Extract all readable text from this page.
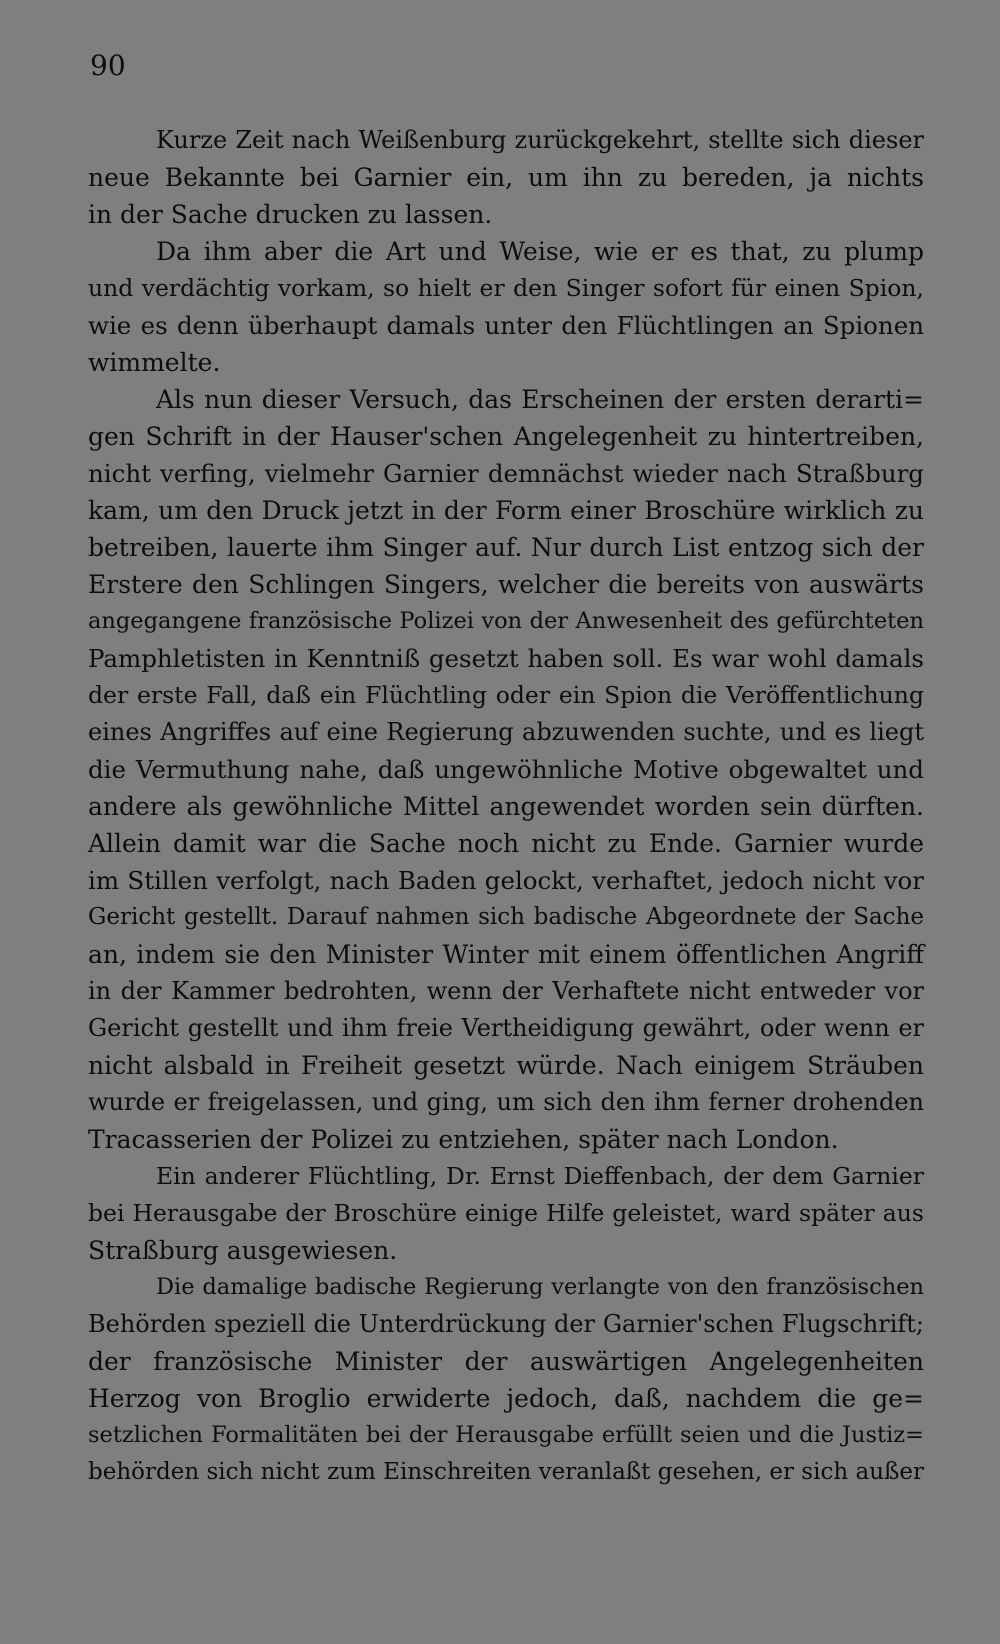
90
Kurze Zeit nach Weißenburg zurückgekehrt, stellte sich dieser
neue Bekannte bei Garnier ein, um ihn zu bereden, ja nichts
in der Sache drucken zu lassen.
Da ihm aber die Art und Weise, wie er es that, zu plump
und verdächtig vorkam, so hielt er den Singer sofort für einen Spion,
wie es denn überhaupt damals unter den Flüchtlingen an Spionen
wimmelte.
Als nun dieser Versuch, das Erscheinen der ersten derarti=
gen Schrift in der Hauser'schen Angelegenheit zu hintertreiben,
nicht verfing, vielmehr Garnier demnächst wieder nach Straßburg
kam, um den Druck jetzt in der Form einer Broschüre wirklich zu
betreiben, lauerte ihm Singer auf. Nur durch List entzog sich der
Erstere den Schlingen Singers, welcher die bereits von auswärts
angegangene französische Polizei von der Anwesenheit des gefürchteten
Pamphletisten in Kenntniß gesetzt haben soll. Es war wohl damals
der erste Fall, daß ein Flüchtling oder ein Spion die Veröffentlichung
eines Angriffes auf eine Regierung abzuwenden suchte, und es liegt
die Vermuthung nahe, daß ungewöhnliche Motive obgewaltet und
andere als gewöhnliche Mittel angewendet worden sein dürften.
Allein damit war die Sache noch nicht zu Ende. Garnier wurde
im Stillen verfolgt, nach Baden gelockt, verhaftet, jedoch nicht vor
Gericht gestellt. Darauf nahmen sich badische Abgeordnete der Sache
an, indem sie den Minister Winter mit einem öffentlichen Angriff
in der Kammer bedrohten, wenn der Verhaftete nicht entweder vor
Gericht gestellt und ihm freie Vertheidigung gewährt, oder wenn er
nicht alsbald in Freiheit gesetzt würde. Nach einigem Sträuben
wurde er freigelassen, und ging, um sich den ihm ferner drohenden
Tracasserien der Polizei zu entziehen, später nach London.
Ein anderer Flüchtling, Dr. Ernst Dieffenbach, der dem Garnier
bei Herausgabe der Broschüre einige Hilfe geleistet, ward später aus
Straßburg ausgewiesen.
Die damalige badische Regierung verlangte von den französischen
Behörden speziell die Unterdrückung der Garnier'schen Flugschrift;
der französische Minister der auswärtigen Angelegenheiten
Herzog von Broglio erwiderte jedoch, daß, nachdem die ge=
setzlichen Formalitäten bei der Herausgabe erfüllt seien und die Justiz=
behörden sich nicht zum Einschreiten veranlaßt gesehen, er sich außer
